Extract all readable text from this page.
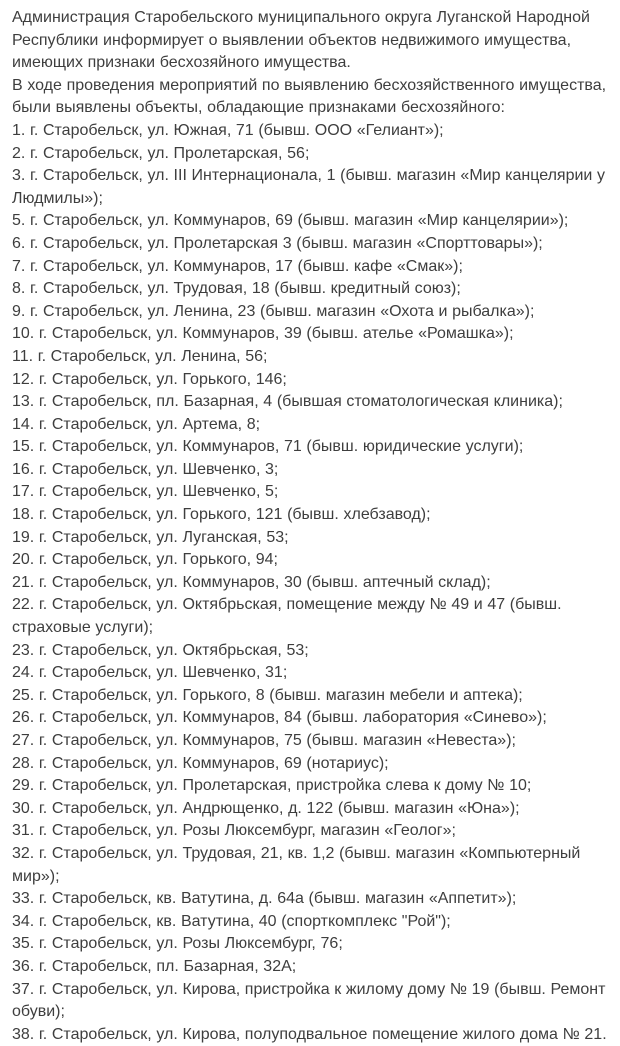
Администрация Старобельского муниципального округа Луганской Народной Республики информирует о выявлении объектов недвижимого имущества, имеющих признаки бесхозяйного имущества.

В ходе проведения мероприятий по выявлению бесхозяйственного имущества, были выявлены объекты, обладающие признаками бесхозяйного:

1. г. Старобельск, ул. Южная, 71 (бывш. ООО «Гелиант»);

2. г. Старобельск, ул. Пролетарская, 56;

3. г. Старобельск, ул. III Интернационала, 1 (бывш. магазин «Мир канцелярии у Людмилы»);

5. г. Старобельск, ул. Коммунаров, 69 (бывш. магазин «Мир канцелярии»);

6. г. Старобельск, ул. Пролетарская 3 (бывш. магазин «Спорттовары»);

7. г. Старобельск, ул. Коммунаров, 17 (бывш. кафе «Смак»);

8. г. Старобельск, ул. Трудовая, 18 (бывш. кредитный союз);

9. г. Старобельск, ул. Ленина, 23 (бывш. магазин «Охота и рыбалка»);

10. г. Старобельск, ул. Коммунаров, 39 (бывш. ателье «Ромашка»);

11. г. Старобельск, ул. Ленина, 56;

12. г. Старобельск, ул. Горького, 146;

13. г. Старобельск, пл. Базарная, 4 (бывшая стоматологическая клиника);

14. г. Старобельск, ул. Артема, 8;

15. г. Старобельск, ул. Коммунаров, 71 (бывш. юридические услуги);

16. г. Старобельск, ул. Шевченко, 3;

17. г. Старобельск, ул. Шевченко, 5;

18. г. Старобельск, ул. Горького, 121 (бывш. хлебзавод);

19. г. Старобельск, ул. Луганская, 53;

20. г. Старобельск, ул. Горького, 94;

21. г. Старобельск, ул. Коммунаров, 30 (бывш. аптечный склад);

22. г. Старобельск, ул. Октябрьская, помещение между № 49 и 47 (бывш. страховые услуги);

23. г. Старобельск, ул. Октябрьская, 53;

24. г. Старобельск, ул. Шевченко, 31;

25. г. Старобельск, ул. Горького, 8 (бывш. магазин мебели и аптека);

26. г. Старобельск, ул. Коммунаров, 84 (бывш. лаборатория «Синево»);

27. г. Старобельск, ул. Коммунаров, 75 (бывш. магазин «Невеста»);

28. г. Старобельск, ул. Коммунаров, 69 (нотариус);

29. г. Старобельск, ул. Пролетарская, пристройка слева к дому № 10;

30. г. Старобельск, ул. Андрющенко, д. 122 (бывш. магазин «Юна»);

31. г. Старобельск, ул. Розы Люксембург, магазин «Геолог»;

32. г. Старобельск, ул. Трудовая, 21, кв. 1,2 (бывш. магазин «Компьютерный мир»);

33. г. Старобельск, кв. Ватутина, д. 64а (бывш. магазин «Аппетит»);

34. г. Старобельск, кв. Ватутина, 40 (спорткомплекс "Рой");

35. г. Старобельск, ул. Розы Люксембург, 76;

36. г. Старобельск, пл. Базарная, 32А;

37. г. Старобельск, ул. Кирова, пристройка к жилому дому № 19 (бывш. Ремонт обуви);

38. г. Старобельск, ул. Кирова, полуподвальное помещение жилого дома № 21.
